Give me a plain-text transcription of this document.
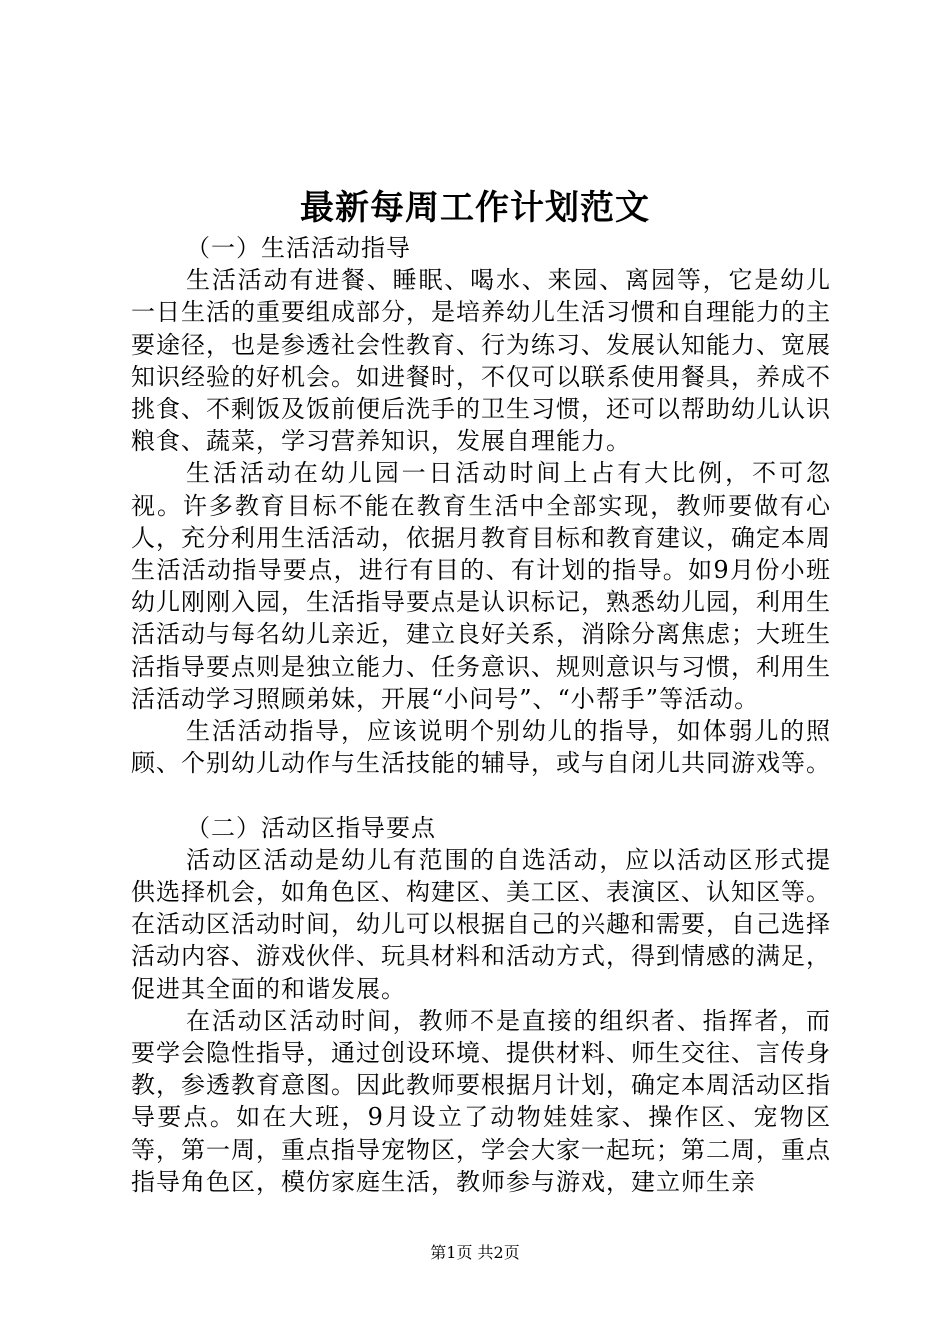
最新每周工作计划范文

（一）生活活动指导

生活活动有进餐、睡眠、喝水、来园、离园等，它是幼儿一日生活的重要组成部分，是培养幼儿生活习惯和自理能力的主要途径，也是参透社会性教育、行为练习、发展认知能力、宽展知识经验的好机会。如进餐时，不仅可以联系使用餐具，养成不挑食、不剩饭及饭前便后洗手的卫生习惯，还可以帮助幼儿认识粮食、蔬菜，学习营养知识，发展自理能力。

生活活动在幼儿园一日活动时间上占有大比例，不可忽视。许多教育目标不能在教育生活中全部实现，教师要做有心人，充分利用生活活动，依据月教育目标和教育建议，确定本周生活活动指导要点，进行有目的、有计划的指导。如9月份小班幼儿刚刚入园，生活指导要点是认识标记，熟悉幼儿园，利用生活活动与每名幼儿亲近，建立良好关系，消除分离焦虑；大班生活指导要点则是独立能力、任务意识、规则意识与习惯，利用生活活动学习照顾弟妹，开展“小问号”、“小帮手”等活动。

生活活动指导，应该说明个别幼儿的指导，如体弱儿的照顾、个别幼儿动作与生活技能的辅导，或与自闭儿共同游戏等。

（二）活动区指导要点

活动区活动是幼儿有范围的自选活动，应以活动区形式提供选择机会，如角色区、构建区、美工区、表演区、认知区等。在活动区活动时间，幼儿可以根据自己的兴趣和需要，自己选择活动内容、游戏伙伴、玩具材料和活动方式，得到情感的满足，促进其全面的和谐发展。

在活动区活动时间，教师不是直接的组织者、指挥者，而要学会隐性指导，通过创设环境、提供材料、师生交往、言传身教，参透教育意图。因此教师要根据月计划，确定本周活动区指导要点。如在大班，9月设立了动物娃娃家、操作区、宠物区等，第一周，重点指导宠物区，学会大家一起玩；第二周，重点指导角色区，模仿家庭生活，教师参与游戏，建立师生亲

第1页 共2页
